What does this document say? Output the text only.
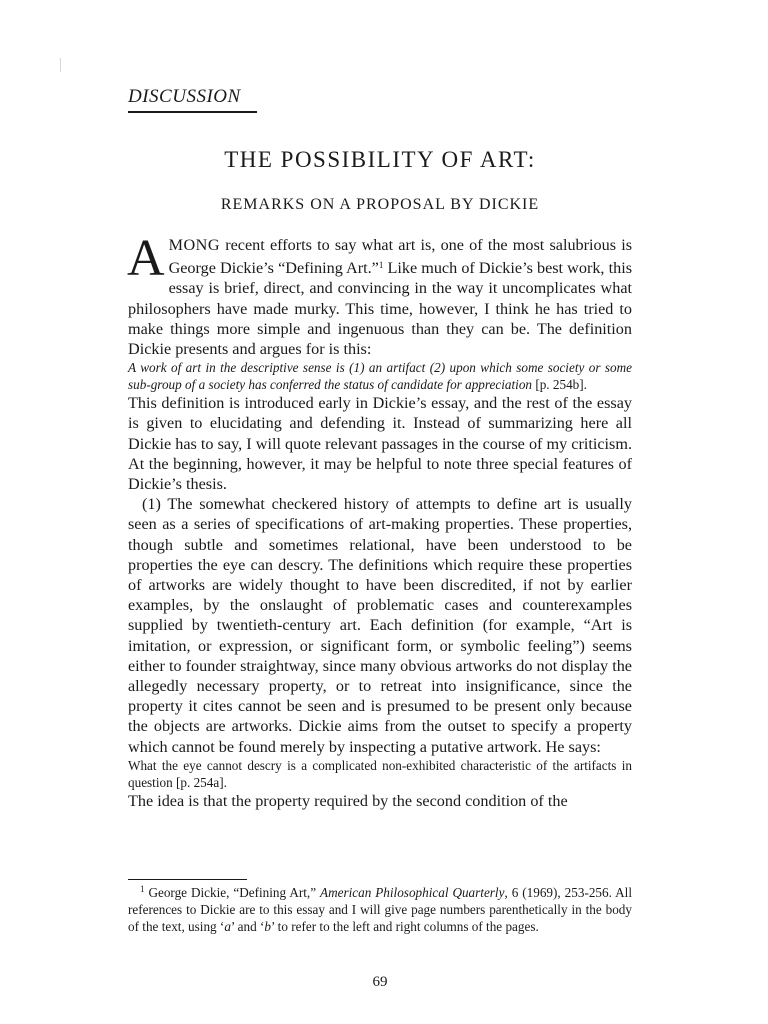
DISCUSSION
THE POSSIBILITY OF ART:
REMARKS ON A PROPOSAL BY DICKIE

AMONG recent efforts to say what art is, one of the most salubrious is George Dickie’s “Defining Art.”$^1$ Like much of Dickie’s best work, this essay is brief, direct, and convincing in the way it uncomplicates what philosophers have made murky. This time, however, I think he has tried to make things more simple and ingenuous than they can be. The definition Dickie presents and argues for is this:

A work of art in the descriptive sense is (1) an artifact (2) upon which some society or some sub-group of a society has conferred the status of candidate for appreciation [p. 254b].

This definition is introduced early in Dickie’s essay, and the rest of the essay is given to elucidating and defending it. Instead of summarizing here all Dickie has to say, I will quote relevant passages in the course of my criticism. At the beginning, however, it may be helpful to note three special features of Dickie’s thesis.

(1) The somewhat checkered history of attempts to define art is usually seen as a series of specifications of art-making properties. These properties, though subtle and sometimes relational, have been understood to be properties the eye can descry. The definitions which require these properties of artworks are widely thought to have been discredited, if not by earlier examples, by the onslaught of problematic cases and counterexamples supplied by twentieth-century art. Each definition (for example, “Art is imitation, or expression, or significant form, or symbolic feeling”) seems either to founder straightway, since many obvious artworks do not display the allegedly necessary property, or to retreat into insignificance, since the property it cites cannot be seen and is presumed to be present only because the objects are artworks. Dickie aims from the outset to specify a property which cannot be found merely by inspecting a putative artwork. He says:

What the eye cannot descry is a complicated non-exhibited characteristic of the artifacts in question [p. 254a].

The idea is that the property required by the second condition of the

$^1$ George Dickie, “Defining Art,” American Philosophical Quarterly, 6 (1969), 253-256. All references to Dickie are to this essay and I will give page numbers parenthetically in the body of the text, using ‘a’ and ‘b’ to refer to the left and right columns of the pages.
69
